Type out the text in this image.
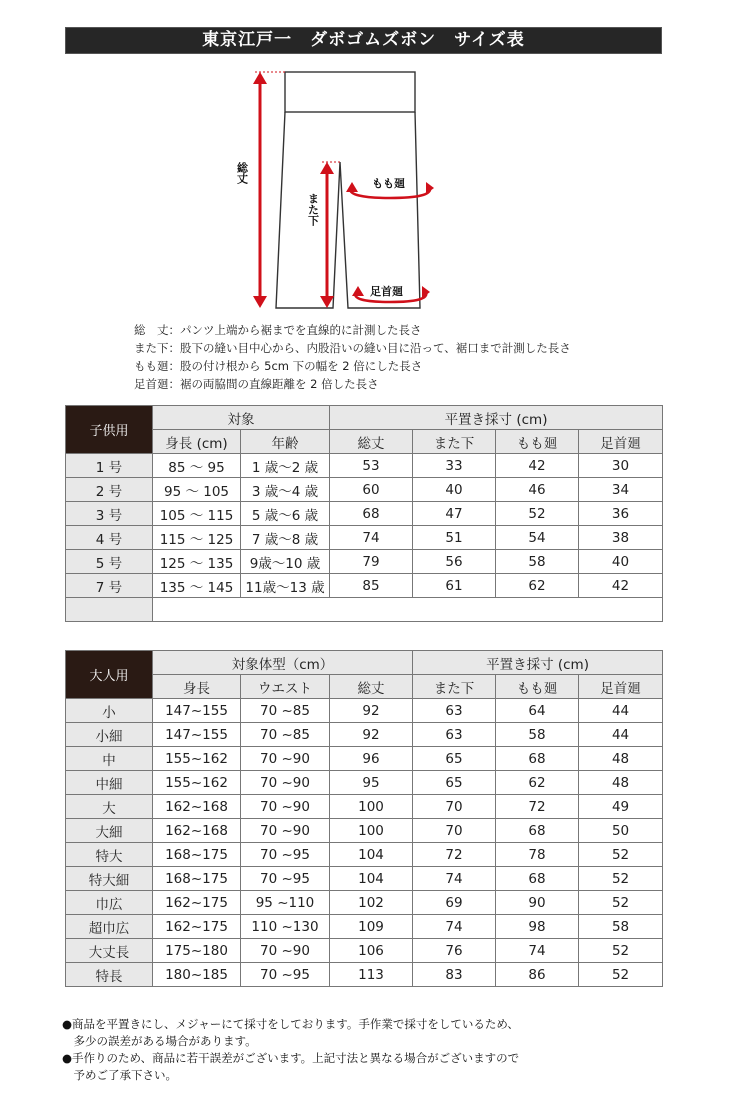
東京江戸一　ダボゴムズボン　サイズ表
総丈
また下
もも廻
足首廻
総　丈：パンツ上端から裾までを直線的に計測した長さ
また下：股下の縫い目中心から、内股沿いの縫い目に沿って、裾口まで計測した長さ
もも廻：股の付け根から 5cm 下の幅を 2 倍にした長さ
足首廻：裾の両脇間の直線距離を 2 倍した長さ
子供用	対象		平置き採寸 (cm)			
	身長 (cm)	年齢	総丈	また下	もも廻	足首廻
1 号	85 ～ 95	1 歳～2 歳	53	33	42	30
2 号	95 ～ 105	3 歳～4 歳	60	40	46	34
3 号	105 ～ 115	5 歳～6 歳	68	47	52	36
4 号	115 ～ 125	7 歳～8 歳	74	51	54	38
5 号	125 ～ 135	9歳～10 歳	79	56	58	40
7 号	135 ～ 145	11歳～13 歳	85	61	62	42

大人用	対象体型（cm）			平置き採寸 (cm)		
	身長	ウエスト	総丈	また下	もも廻	足首廻
小	147~155	70 ~85	92	63	64	44
小細	147~155	70 ~85	92	63	58	44
中	155~162	70 ~90	96	65	68	48
中細	155~162	70 ~90	95	65	62	48
大	162~168	70 ~90	100	70	72	49
大細	162~168	70 ~90	100	70	68	50
特大	168~175	70 ~95	104	72	78	52
特大細	168~175	70 ~95	104	74	68	52
巾広	162~175	95 ~110	102	69	90	52
超巾広	162~175	110 ~130	109	74	98	58
大丈長	175~180	70 ~90	106	76	74	52
特長	180~185	70 ~95	113	83	86	52
●商品を平置きにし、メジャーにて採寸をしております。手作業で採寸をしているため、
　多少の誤差がある場合があります。
●手作りのため、商品に若干誤差がございます。上記寸法と異なる場合がございますので
　予めご了承下さい。
